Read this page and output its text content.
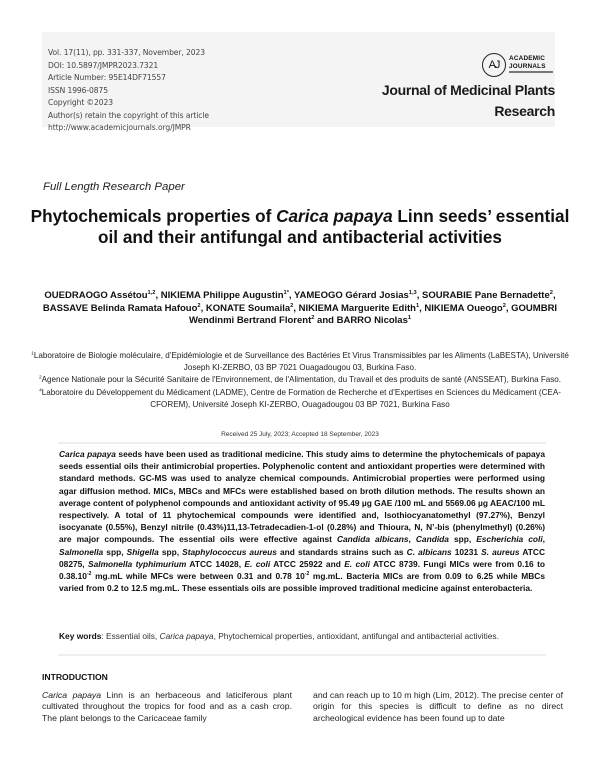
Vol. 17(11), pp. 331-337, November, 2023
DOI: 10.5897/JMPR2023.7321
Article Number: 95E14DF71557
ISSN 1996-0875
Copyright ©2023
Author(s) retain the copyright of this article
http://www.academicjournals.org/JMPR
AJ
ACADEMIC
JOURNALS
Journal of Medicinal Plants
Research
Full Length Research Paper
Phytochemicals properties of Carica papaya Linn seeds’ essential oil and their antifungal and antibacterial activities
OUEDRAOGO Assétou$^{1,2}$, NIKIEMA Philippe Augustin$^{1*}$, YAMEOGO Gérard Josias$^{1,3}$, SOURABIE Pane Bernadette$^2$, BASSAVE Belinda Ramata Hafouo$^2$, KONATE Soumaila$^2$, NIKIEMA Marguerite Edith$^1$, NIKIEMA Oueogo$^2$, GOUMBRI Wendinmi Bertrand Florent$^2$ and BARRO Nicolas$^1$
$^1$Laboratoire de Biologie moléculaire, d’Epidémiologie et de Surveillance des Bactéries Et Virus Transmissibles par les Aliments (LaBESTA), Université Joseph KI-ZERBO, 03 BP 7021 Ouagadougou 03, Burkina Faso.
$^2$Agence Nationale pour la Sécurité Sanitaire de l'Environnement, de l'Alimentation, du Travail et des produits de santé (ANSSEAT), Burkina Faso.
$^4$Laboratoire du Développement du Médicament (LADME), Centre de Formation de Recherche et d’Expertises en Sciences du Médicament (CEA-CFOREM), Université Joseph KI-ZERBO, Ouagadougou 03 BP 7021, Burkina Faso
Received 25 July, 2023; Accepted 18 September, 2023

Carica papaya seeds have been used as traditional medicine. This study aims to determine the phytochemicals of papaya seeds essential oils their antimicrobial properties. Polyphenolic content and antioxidant properties were determined with standard methods. GC-MS was used to analyze chemical compounds. Antimicrobial properties were performed using agar diffusion method. MICs, MBCs and MFCs were established based on broth dilution methods. The results shown an average content of polyphenol compounds and antioxidant activity of 95.49 µg GAE /100 mL and 5569.06 µg AEAC/100 mL respectively. A total of 11 phytochemical compounds were identified and, Isothiocyanatomethyl (97.27%), Benzyl isocyanate (0.55%), Benzyl nitrile (0.43%)11,13-Tetradecadien-1-ol (0.28%) and Thioura, N, N’-bis (phenylmethyl) (0.26%) are major compounds. The essential oils were effective against Candida albicans, Candida spp, Escherichia coli, Salmonella spp, Shigella spp, Staphylococcus aureus and standards strains such as C. albicans 10231 S. aureus ATCC 08275, Salmonella typhimurium ATCC 14028, E. coli ATCC 25922 and E. coli ATCC 8739. Fungi MICs were from 0.16 to $0.38.10^{-2}$ mg.mL while MFCs were between 0.31 and 0.78 $10^{-2}$ mg.mL. Bacteria MICs are from 0.09 to 6.25 while MBCs varied from 0.2 to 12.5 mg.mL. These essentials oils are possible improved traditional medicine against enterobacteria.

Key words: Essential oils, Carica papaya, Phytochemical properties, antioxidant, antifungal and antibacterial activities.
INTRODUCTION
Carica papaya Linn is an herbaceous and laticiferous plant cultivated throughout the tropics for food and as a cash crop. The plant belongs to the Caricaceae family
and can reach up to 10 m high (Lim, 2012). The precise center of origin for this species is difficult to define as no direct archeological evidence has been found up to date
